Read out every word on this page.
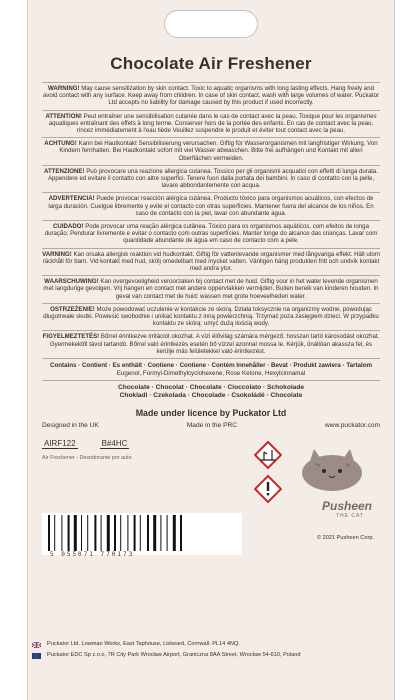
Chocolate Air Freshener
WARNING! May cause sensitization by skin contact. Toxic to aquatic organisms with long lasting effects. Hang freely and avoid contact with any surface. Keep away from children. In case of skin contact, wash with large volumes of water. Puckator Ltd accepts no liability for damage caused by this product if used incorrectly.
ATTENTION! Peut entraîner une sensibilisation cutanée dans le cas de contact avec la peau. Toxique pour les organismes aquatiques entraînant des effets à long terme. Conserver hors de la portée des enfants. En cas de contact avec la peau, rincez immédiatement à l'eau tiède Veuillez suspendre le produit et éviter tout contact avec la peau.
ACHTUNG! Kann bei Hautkontakt Sensibilisierung verursachen. Giftig für Wasserorganismen mit langfristiger Wirkung. Von Kindern fernhalten. Bei Hautkontakt sofort mit viel Wasser abwaschen. Bitte frei aufhängen und Kontakt mit allen Oberflächen vermeiden.
ATTENZIONE! Può provocare una reazione allergica cutanea. Tossico per gli organismi acquatici con effetti di lunga durata. Appendere ed evitare il contatto con altre superfici. Tenere fuori dalla portata dei bambini. In caso di contatto con la pelle, lavare abbondantemente con acqua.
ADVERTENCIA! Puede provocar reacción alérgica cutánea. Producto tóxico para organismos acuáticos, con efectos de larga duración. Cuelgue libremente y evite el contacto con otras superficies. Mantener fuera del alcance de los niños. En caso de contacto con la piel, lavar con abundante agua.
CUIDADO! Pode provocar uma reação alérgica cutânea. Tóxico para os organismos aquáticos, com efeitos de longa duração. Pendurar livremente e evitar o contacto com outras superfícies. Manter longe do alcance das crianças. Lavar com quantidade abundante de água em caso de contacto com a pele.
VARNING! Kan orsaka allergisk reaktion vid hudkontakt. Giftig för vattenlevande organismer med långvariga effekt. Häll utom räckhåll för barn. Vid kontakt med hud, skölj omedelbart med mycket vatten. Vänligen häng produkten fritt och undvik kontakt med andra ytor.
WAARSCHUWING! Kan overgevoeligheid veroorzaken bij contact met de huid. Giftig voor in het water levende organismen met langdurige gevolgen. Vrij hangen en contact met andere oppervlakken vermijden. Buiten bereik van kinderen houden. In geval van contact met de huid: wassen met grote hoeveelheden water.
OSTRZEŻENIE! Może powodować uczulenie w kontakcie ze skórą. Działa toksycznie na organizmy wodne, powodując długotrwałe skutki. Powiesić swobodnie i unikać kontaktu z inną powierzchnią. Trzymać poza zasięgiem dzieci. W przypadku kontaktu ze skórą: umyć dużą ilością wody.
FIGYELMEZTETÉS! Bőrrel érintkezve irritációt okozhat. A vízi élővilág számára mérgező, hosszan tartó károsodást okozhat. Gyermekektől távol tartandó. Bőrrel való érintkezés esetén bő vízzel azonnal mossa le. Kérjük, önállóan akassza fel, és kerülje más felületekkel való érintkezést.
Contains · Contient · Es enthält · Contiene · Contiene · Contém Innehåller · Bevat · Produkt zawiera · Tartalom
Eugenol, Formyl-Dimethylcyclohexene, Rose Ketone, Hexylcinnamal
Chocolate · Chocolat · Chocolate · Cioccolato · Schokolade
Chokladl · Czekolada · Chocolade · Csokoládé · Chocolate
Made under licence by Puckator Ltd
Designed in the UK	Made in the PRC	www.puckator.com
AIRF122	B#4HC
Air Freshener - Desodorante por auto
Pusheen
THE CAT
© 2021 Pusheen Corp.
5 055071 770173
Puckator Ltd. Lowman Works, East Taphouse, Liskeard, Cornwall. PL14 4NQ.
Puckator EDC Sp z.o.o, 7R City Park Wrocław Airport, Graniczna 8AA Street, Wrocław 54-610, Poland
